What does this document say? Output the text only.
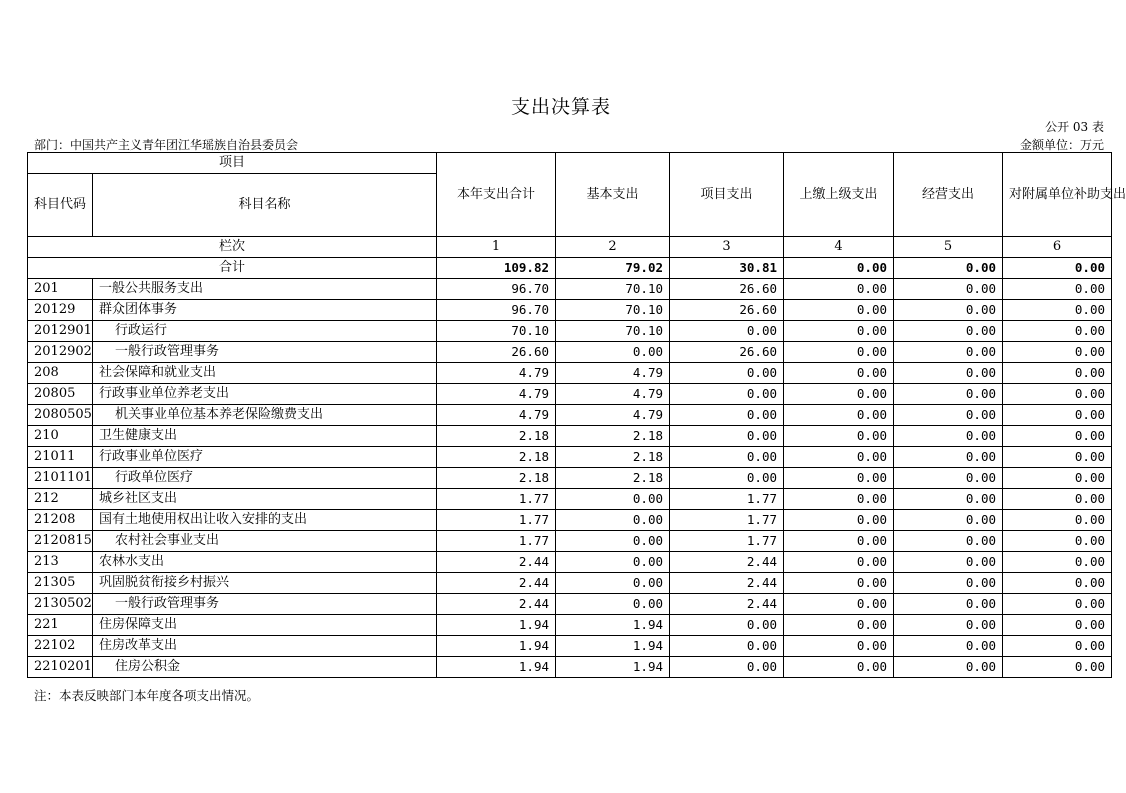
支出决算表
公开 03 表
部门：中国共产主义青年团江华瑶族自治县委员会	金额单位：万元
项目		本年支出合计	基本支出	项目支出	上缴上级支出	经营支出	对附属单位补助支出
科目代码	科目名称						
栏次		1	2	3	4	5	6
合计		109.82	79.02	30.81	0.00	0.00	0.00
201	一般公共服务支出	96.70	70.10	26.60	0.00	0.00	0.00
20129	群众团体事务	96.70	70.10	26.60	0.00	0.00	0.00
2012901	行政运行	70.10	70.10	0.00	0.00	0.00	0.00
2012902	一般行政管理事务	26.60	0.00	26.60	0.00	0.00	0.00
208	社会保障和就业支出	4.79	4.79	0.00	0.00	0.00	0.00
20805	行政事业单位养老支出	4.79	4.79	0.00	0.00	0.00	0.00
2080505	机关事业单位基本养老保险缴费支出	4.79	4.79	0.00	0.00	0.00	0.00
210	卫生健康支出	2.18	2.18	0.00	0.00	0.00	0.00
21011	行政事业单位医疗	2.18	2.18	0.00	0.00	0.00	0.00
2101101	行政单位医疗	2.18	2.18	0.00	0.00	0.00	0.00
212	城乡社区支出	1.77	0.00	1.77	0.00	0.00	0.00
21208	国有土地使用权出让收入安排的支出	1.77	0.00	1.77	0.00	0.00	0.00
2120815	农村社会事业支出	1.77	0.00	1.77	0.00	0.00	0.00
213	农林水支出	2.44	0.00	2.44	0.00	0.00	0.00
21305	巩固脱贫衔接乡村振兴	2.44	0.00	2.44	0.00	0.00	0.00
2130502	一般行政管理事务	2.44	0.00	2.44	0.00	0.00	0.00
221	住房保障支出	1.94	1.94	0.00	0.00	0.00	0.00
22102	住房改革支出	1.94	1.94	0.00	0.00	0.00	0.00
2210201	住房公积金	1.94	1.94	0.00	0.00	0.00	0.00
注：本表反映部门本年度各项支出情况。
